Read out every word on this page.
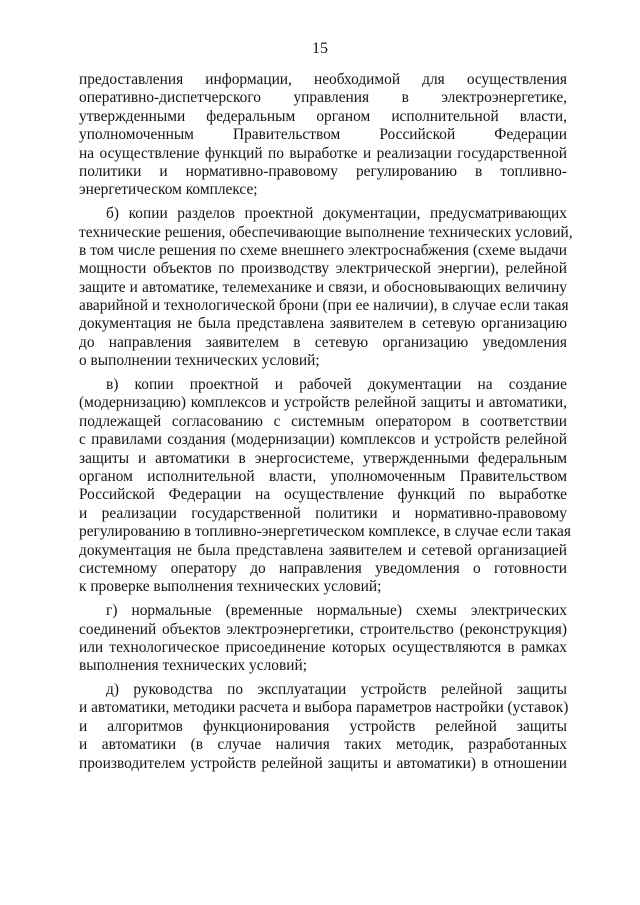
15
предоставления информации, необходимой для осуществления
оперативно-диспетчерского управления в электроэнергетике,
утвержденными федеральным органом исполнительной власти,
уполномоченным Правительством Российской Федерации
на осуществление функций по выработке и реализации государственной
политики и нормативно-правовому регулированию в топливно-
энергетическом комплексе;
б) копии разделов проектной документации, предусматривающих
технические решения, обеспечивающие выполнение технических условий,
в том числе решения по схеме внешнего электроснабжения (схеме выдачи
мощности объектов по производству электрической энергии), релейной
защите и автоматике, телемеханике и связи, и обосновывающих величину
аварийной и технологической брони (при ее наличии), в случае если такая
документация не была представлена заявителем в сетевую организацию
до направления заявителем в сетевую организацию уведомления
о выполнении технических условий;
в) копии проектной и рабочей документации на создание
(модернизацию) комплексов и устройств релейной защиты и автоматики,
подлежащей согласованию с системным оператором в соответствии
с правилами создания (модернизации) комплексов и устройств релейной
защиты и автоматики в энергосистеме, утвержденными федеральным
органом исполнительной власти, уполномоченным Правительством
Российской Федерации на осуществление функций по выработке
и реализации государственной политики и нормативно-правовому
регулированию в топливно-энергетическом комплексе, в случае если такая
документация не была представлена заявителем и сетевой организацией
системному оператору до направления уведомления о готовности
к проверке выполнения технических условий;
г) нормальные (временные нормальные) схемы электрических
соединений объектов электроэнергетики, строительство (реконструкция)
или технологическое присоединение которых осуществляются в рамках
выполнения технических условий;
д) руководства по эксплуатации устройств релейной защиты
и автоматики, методики расчета и выбора параметров настройки (уставок)
и алгоритмов функционирования устройств релейной защиты
и автоматики (в случае наличия таких методик, разработанных
производителем устройств релейной защиты и автоматики) в отношении
